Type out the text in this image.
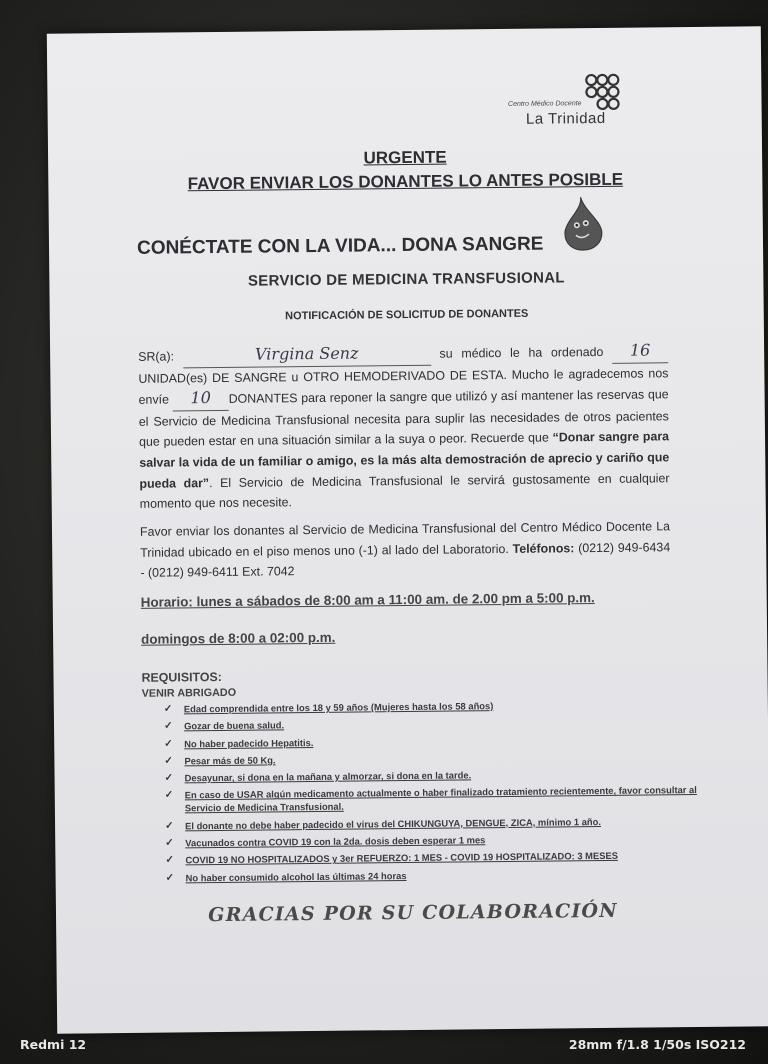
Centro Médico Docente
La Trinidad
URGENTE
FAVOR ENVIAR LOS DONANTES LO ANTES POSIBLE
CONÉCTATE CON LA VIDA... DONA SANGRE
SERVICIO DE MEDICINA TRANSFUSIONAL
NOTIFICACIÓN DE SOLICITUD DE DONANTES
SR(a):	Virgina Senz	su médico le ha ordenado 16UNIDAD(es) DE SANGRE u OTRO HEMODERIVADO DE ESTA. Mucho le agradecemos nos envíe 10 DONANTES para reponer la sangre que utilizó y así mantener las reservas que el Servicio de Medicina Transfusional necesita para suplir las necesidades de otros pacientes que pueden estar en una situación similar a la suya o peor. Recuerde que “Donar sangre para salvar la vida de un familiar o amigo, es la más alta demostración de aprecio y cariño que pueda dar”. El Servicio de Medicina Transfusional le servirá gustosamente en cualquier momento que nos necesite.
Favor enviar los donantes al Servicio de Medicina Transfusional del Centro Médico Docente La Trinidad ubicado en el piso menos uno (-1) al lado del Laboratorio. Teléfonos: (0212) 949-6434 - (0212) 949-6411 Ext. 7042
Horario: lunes a sábados de 8:00 am a 11:00 am. de 2.00 pm a 5:00 p.m.
domingos de 8:00 a 02:00 p.m.
REQUISITOS:
VENIR ABRIGADO
✓ Edad comprendida entre los 18 y 59 años (Mujeres hasta los 58 años)
✓ Gozar de buena salud.
✓ No haber padecido Hepatitis.
✓ Pesar más de 50 Kg.
✓ Desayunar, si dona en la mañana y almorzar, si dona en la tarde.
✓ En caso de USAR algún medicamento actualmente o haber finalizado tratamiento recientemente, favor consultar al Servicio de Medicina Transfusional.
✓ El donante no debe haber padecido el virus del CHIKUNGUYA, DENGUE, ZICA, mínimo 1 año.
✓ Vacunados contra COVID 19 con la 2da. dosis deben esperar 1 mes
✓ COVID 19 NO HOSPITALIZADOS y 3er REFUERZO: 1 MES - COVID 19 HOSPITALIZADO: 3 MESES
✓ No haber consumido alcohol las últimas 24 horas
GRACIAS POR SU COLABORACIÓN
Redmi 12	28mm f/1.8 1/50s ISO212
